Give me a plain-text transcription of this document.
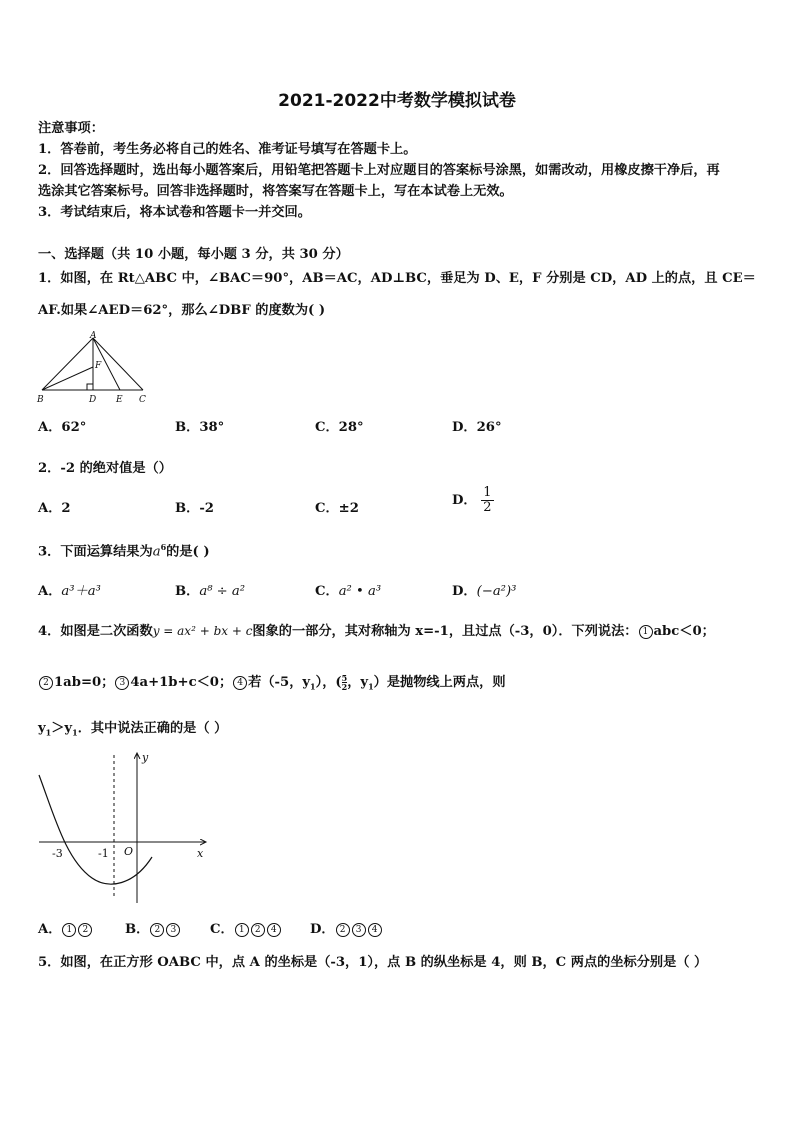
2021-2022中考数学模拟试卷
注意事项：
1．答卷前，考生务必将自己的姓名、准考证号填写在答题卡上。
2．回答选择题时，选出每小题答案后，用铅笔把答题卡上对应题目的答案标号涂黑，如需改动，用橡皮擦干净后，再
选涂其它答案标号。回答非选择题时，将答案写在答题卡上，写在本试卷上无效。
3．考试结束后，将本试卷和答题卡一并交回。
一、选择题（共 10 小题，每小题 3 分，共 30 分）
1．如图，在 Rt△ABC 中，∠BAC＝90°，AB＝AC，AD⊥BC，垂足为 D、E，F 分别是 CD，AD 上的点，且 CE＝
AF.如果∠AED＝62°，那么∠DBF 的度数为( )
A
F
B	D E C
A．62°	B．38°	C．28°	D．26°
2．-2 的绝对值是（）
A．2	B．-2	C．±2
D． $\frac{1}{2}$
3．下面运算结果为$a^6$的是( )
A．a³＋a³	B．a⁸ ÷ a²	C．a² • a³	D．(−a²)³
4．如图是二次函数y = ax² + bx + c图象的一部分，其对称轴为 x=-1，且过点（-3，0）．下列说法： 1 abc＜0；
2 1ab=0； 3 4a+1b+c＜0； 4 若（-5，$y_1$），( $\frac{5}{2}$，$y_1$）是抛物线上两点，则
$y_1>y_1$．其中说法正确的是（ ）
y
x
O
-3	-1
A． 1 2	B． 2 3	C． 1 2 4	D． 2 3 4
5．如图，在正方形 OABC 中，点 A 的坐标是（-3，1），点 B 的纵坐标是 4，则 B，C 两点的坐标分别是（ ）
